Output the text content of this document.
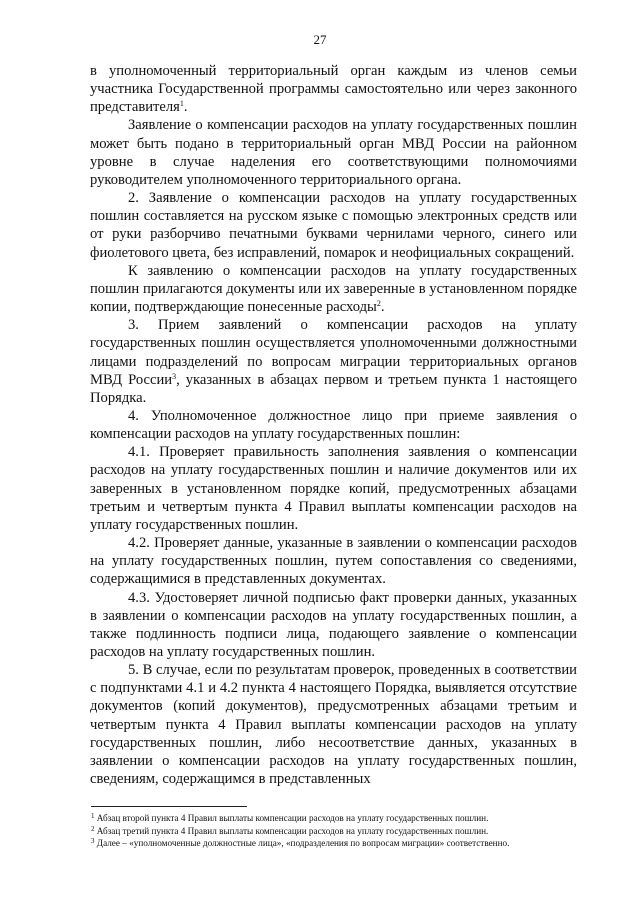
27

в уполномоченный территориальный орган каждым из членов семьи участника Государственной программы самостоятельно или через законного представителя$^1$.

Заявление о компенсации расходов на уплату государственных пошлин может быть подано в территориальный орган МВД России на районном уровне в случае наделения его соответствующими полномочиями руководителем уполномоченного территориального органа.

2. Заявление о компенсации расходов на уплату государственных пошлин составляется на русском языке с помощью электронных средств или от руки разборчиво печатными буквами чернилами черного, синего или фиолетового цвета, без исправлений, помарок и неофициальных сокращений.

К заявлению о компенсации расходов на уплату государственных пошлин прилагаются документы или их заверенные в установленном порядке копии, подтверждающие понесенные расходы$^2$.

3. Прием заявлений о компенсации расходов на уплату государственных пошлин осуществляется уполномоченными должностными лицами подразделений по вопросам миграции территориальных органов МВД России$^3$, указанных в абзацах первом и третьем пункта 1 настоящего Порядка.

4. Уполномоченное должностное лицо при приеме заявления о компенсации расходов на уплату государственных пошлин:

4.1. Проверяет правильность заполнения заявления о компенсации расходов на уплату государственных пошлин и наличие документов или их заверенных в установленном порядке копий, предусмотренных абзацами третьим и четвертым пункта 4 Правил выплаты компенсации расходов на уплату государственных пошлин.

4.2. Проверяет данные, указанные в заявлении о компенсации расходов на уплату государственных пошлин, путем сопоставления со сведениями, содержащимися в представленных документах.

4.3. Удостоверяет личной подписью факт проверки данных, указанных в заявлении о компенсации расходов на уплату государственных пошлин, а также подлинность подписи лица, подающего заявление о компенсации расходов на уплату государственных пошлин.

5. В случае, если по результатам проверок, проведенных в соответствии с подпунктами 4.1 и 4.2 пункта 4 настоящего Порядка, выявляется отсутствие документов (копий документов), предусмотренных абзацами третьим и четвертым пункта 4 Правил выплаты компенсации расходов на уплату государственных пошлин, либо несоответствие данных, указанных в заявлении о компенсации расходов на уплату государственных пошлин, сведениям, содержащимся в представленных

$^1$ Абзац второй пункта 4 Правил выплаты компенсации расходов на уплату государственных пошлин.

$^2$ Абзац третий пункта 4 Правил выплаты компенсации расходов на уплату государственных пошлин.

$^3$ Далее – «уполномоченные должностные лица», «подразделения по вопросам миграции» соответственно.
